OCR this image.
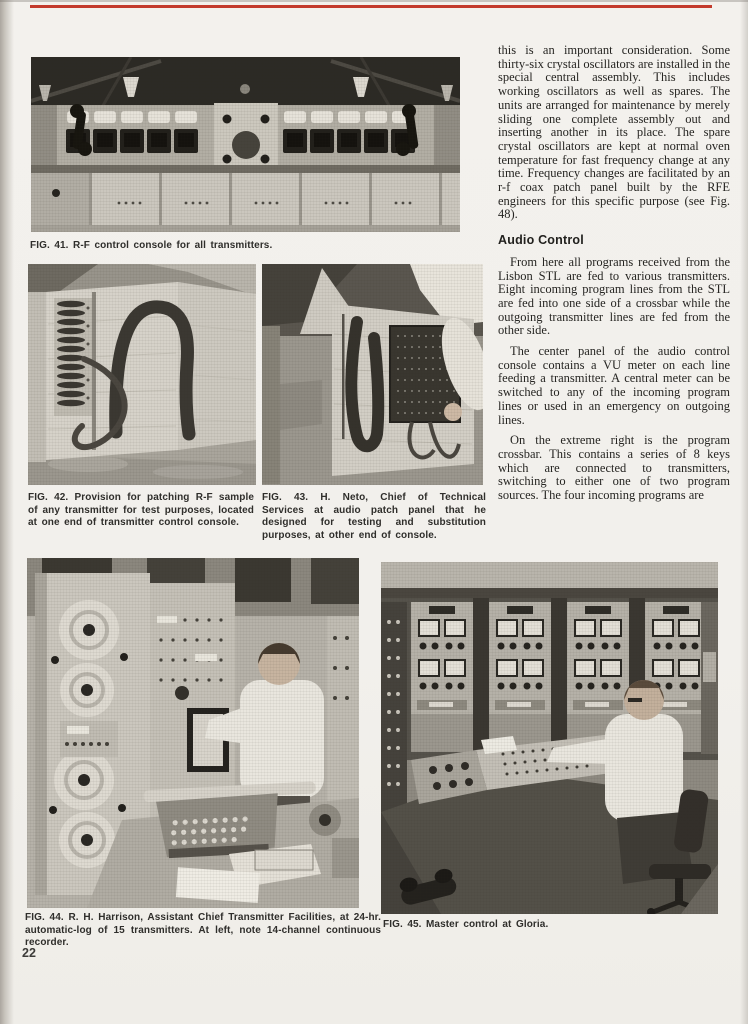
FIG. 41. R-F control console for all transmitters.
FIG. 42. Provision for patching R-F sample of any transmitter for test purposes, located at one end of transmitter control console.
FIG. 43. H. Neto, Chief of Technical Services at audio patch panel that he designed for testing and substitution purposes, at other end of console.
FIG. 44. R. H. Harrison, Assistant Chief Transmitter Facilities, at 24-hr. automatic-log of 15 transmitters. At left, note 14-channel continuous recorder.
FIG. 45. Master control at Gloria.

this is an important consideration. Some thirty-six crystal oscillators are installed in the special central assembly. This includes working oscillators as well as spares. The units are arranged for maintenance by merely sliding one complete assembly out and inserting another in its place. The spare crystal oscillators are kept at normal oven temperature for fast frequency change at any time. Frequency changes are facilitated by an r-f coax patch panel built by the RFE engineers for this specific purpose (see Fig. 48).

Audio Control

From here all programs received from the Lisbon STL are fed to various transmitters. Eight incoming program lines from the STL are fed into one side of a crossbar while the outgoing transmitter lines are fed from the other side.

The center panel of the audio control console contains a VU meter on each line feeding a transmitter. A central meter can be switched to any of the incoming program lines or used in an emergency on outgoing lines.

On the extreme right is the program crossbar. This contains a series of 8 keys which are connected to transmitters, switching to either one of two program sources. The four incoming programs are

22
